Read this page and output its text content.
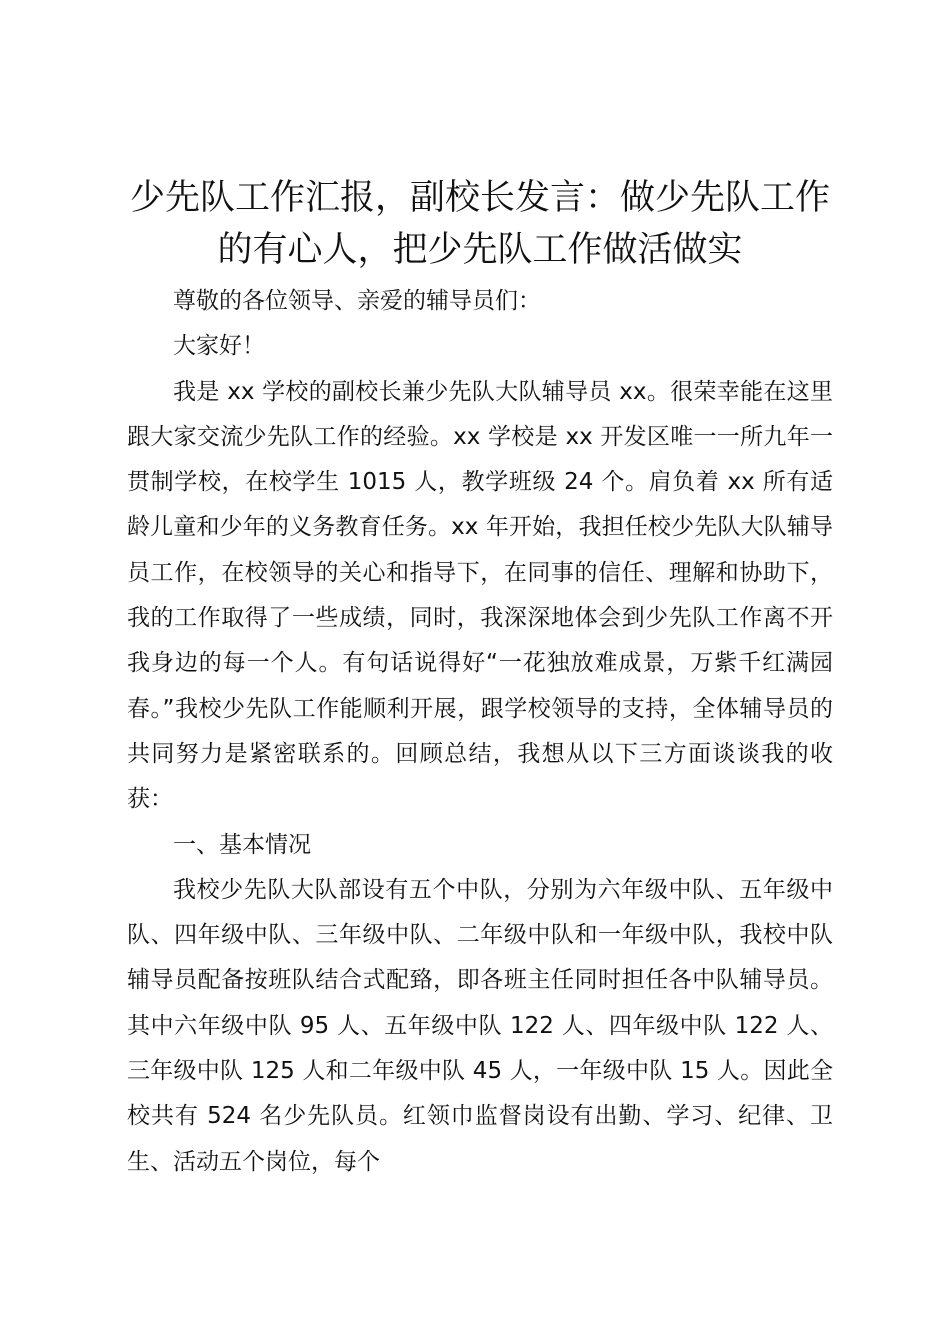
少先队工作汇报，副校长发言：做少先队工作
的有心人，把少先队工作做活做实

尊敬的各位领导、亲爱的辅导员们：

大家好！

我是 xx 学校的副校长兼少先队大队辅导员 xx。很荣幸能在这里跟大家交流少先队工作的经验。xx 学校是 xx 开发区唯一一所九年一贯制学校，在校学生 1015 人，教学班级 24 个。肩负着 xx 所有适龄儿童和少年的义务教育任务。xx 年开始，我担任校少先队大队辅导员工作，在校领导的关心和指导下，在同事的信任、理解和协助下，我的工作取得了一些成绩，同时，我深深地体会到少先队工作离不开我身边的每一个人。有句话说得好“一花独放难成景，万紫千红满园春。”我校少先队工作能顺利开展，跟学校领导的支持，全体辅导员的共同努力是紧密联系的。回顾总结，我想从以下三方面谈谈我的收获：

一、基本情况

我校少先队大队部设有五个中队，分别为六年级中队、五年级中队、四年级中队、三年级中队、二年级中队和一年级中队，我校中队辅导员配备按班队结合式配臵，即各班主任同时担任各中队辅导员。其中六年级中队 95 人、五年级中队 122 人、四年级中队 122 人、三年级中队 125 人和二年级中队 45 人，一年级中队 15 人。因此全校共有 524 名少先队员。红领巾监督岗设有出勤、学习、纪律、卫生、活动五个岗位，每个
